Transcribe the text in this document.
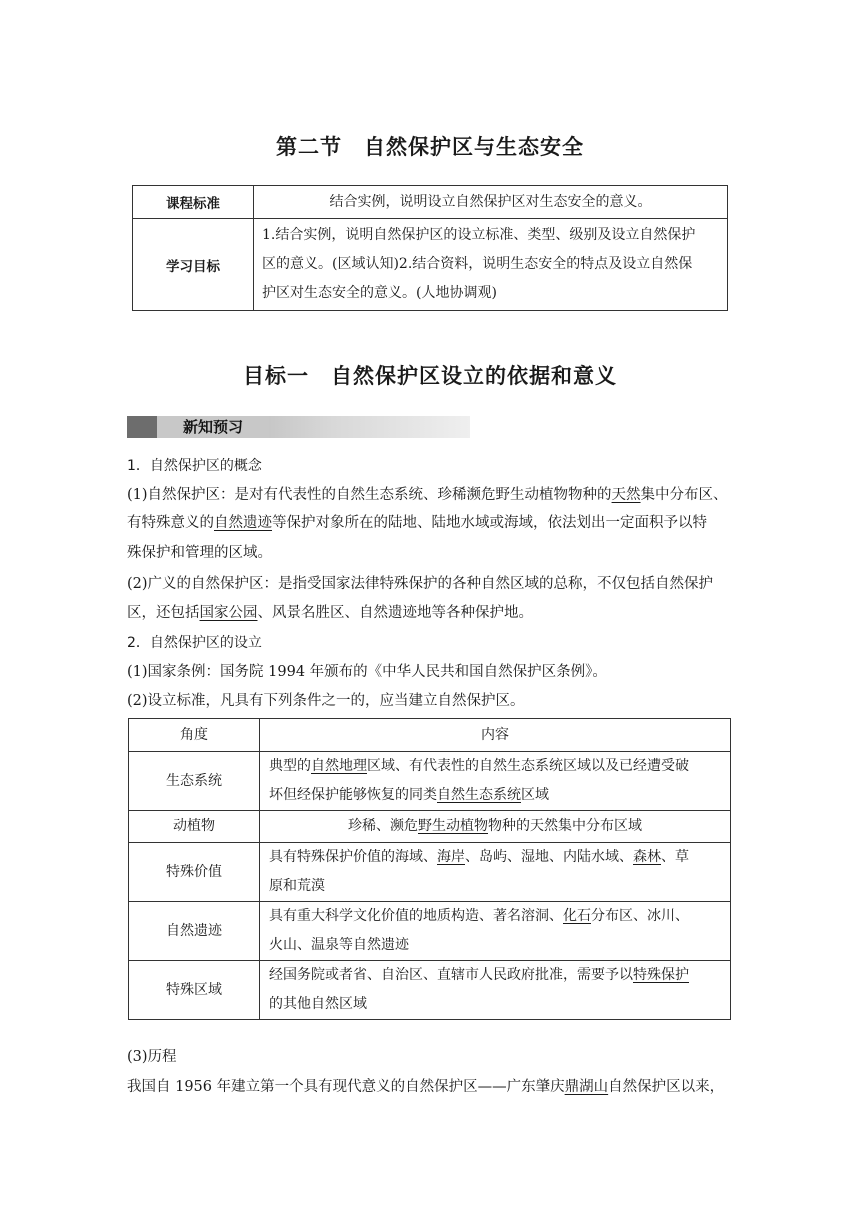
第二节　自然保护区与生态安全
课程标准	结合实例，说明设立自然保护区对生态安全的意义。
学习目标	1.结合实例，说明自然保护区的设立标准、类型、级别及设立自然保护
区的意义。(区域认知)2.结合资料，说明生态安全的特点及设立自然保
护区对生态安全的意义。(人地协调观)
目标一　自然保护区设立的依据和意义
新知预习
1．自然保护区的概念
(1)自然保护区：是对有代表性的自然生态系统、珍稀濒危野生动植物物种的天然集中分布区、
有特殊意义的自然遗迹等保护对象所在的陆地、陆地水域或海域，依法划出一定面积予以特
殊保护和管理的区域。
(2)广义的自然保护区：是指受国家法律特殊保护的各种自然区域的总称，不仅包括自然保护
区，还包括国家公园、风景名胜区、自然遗迹地等各种保护地。
2．自然保护区的设立
(1)国家条例：国务院 1994 年颁布的《中华人民共和国自然保护区条例》。
(2)设立标准，凡具有下列条件之一的，应当建立自然保护区。
角度	内容
生态系统	典型的自然地理区域、有代表性的自然生态系统区域以及已经遭受破
坏但经保护能够恢复的同类自然生态系统区域

动植物	珍稀、濒危野生动植物物种的天然集中分布区域
特殊价值	具有特殊保护价值的海域、海岸、岛屿、湿地、内陆水域、森林、草
原和荒漠

自然遗迹	具有重大科学文化价值的地质构造、著名溶洞、化石分布区、冰川、
火山、温泉等自然遗迹

特殊区域	经国务院或者省、自治区、直辖市人民政府批准，需要予以特殊保护
的其他自然区域
(3)历程
我国自 1956 年建立第一个具有现代意义的自然保护区——广东肇庆鼎湖山自然保护区以来，
